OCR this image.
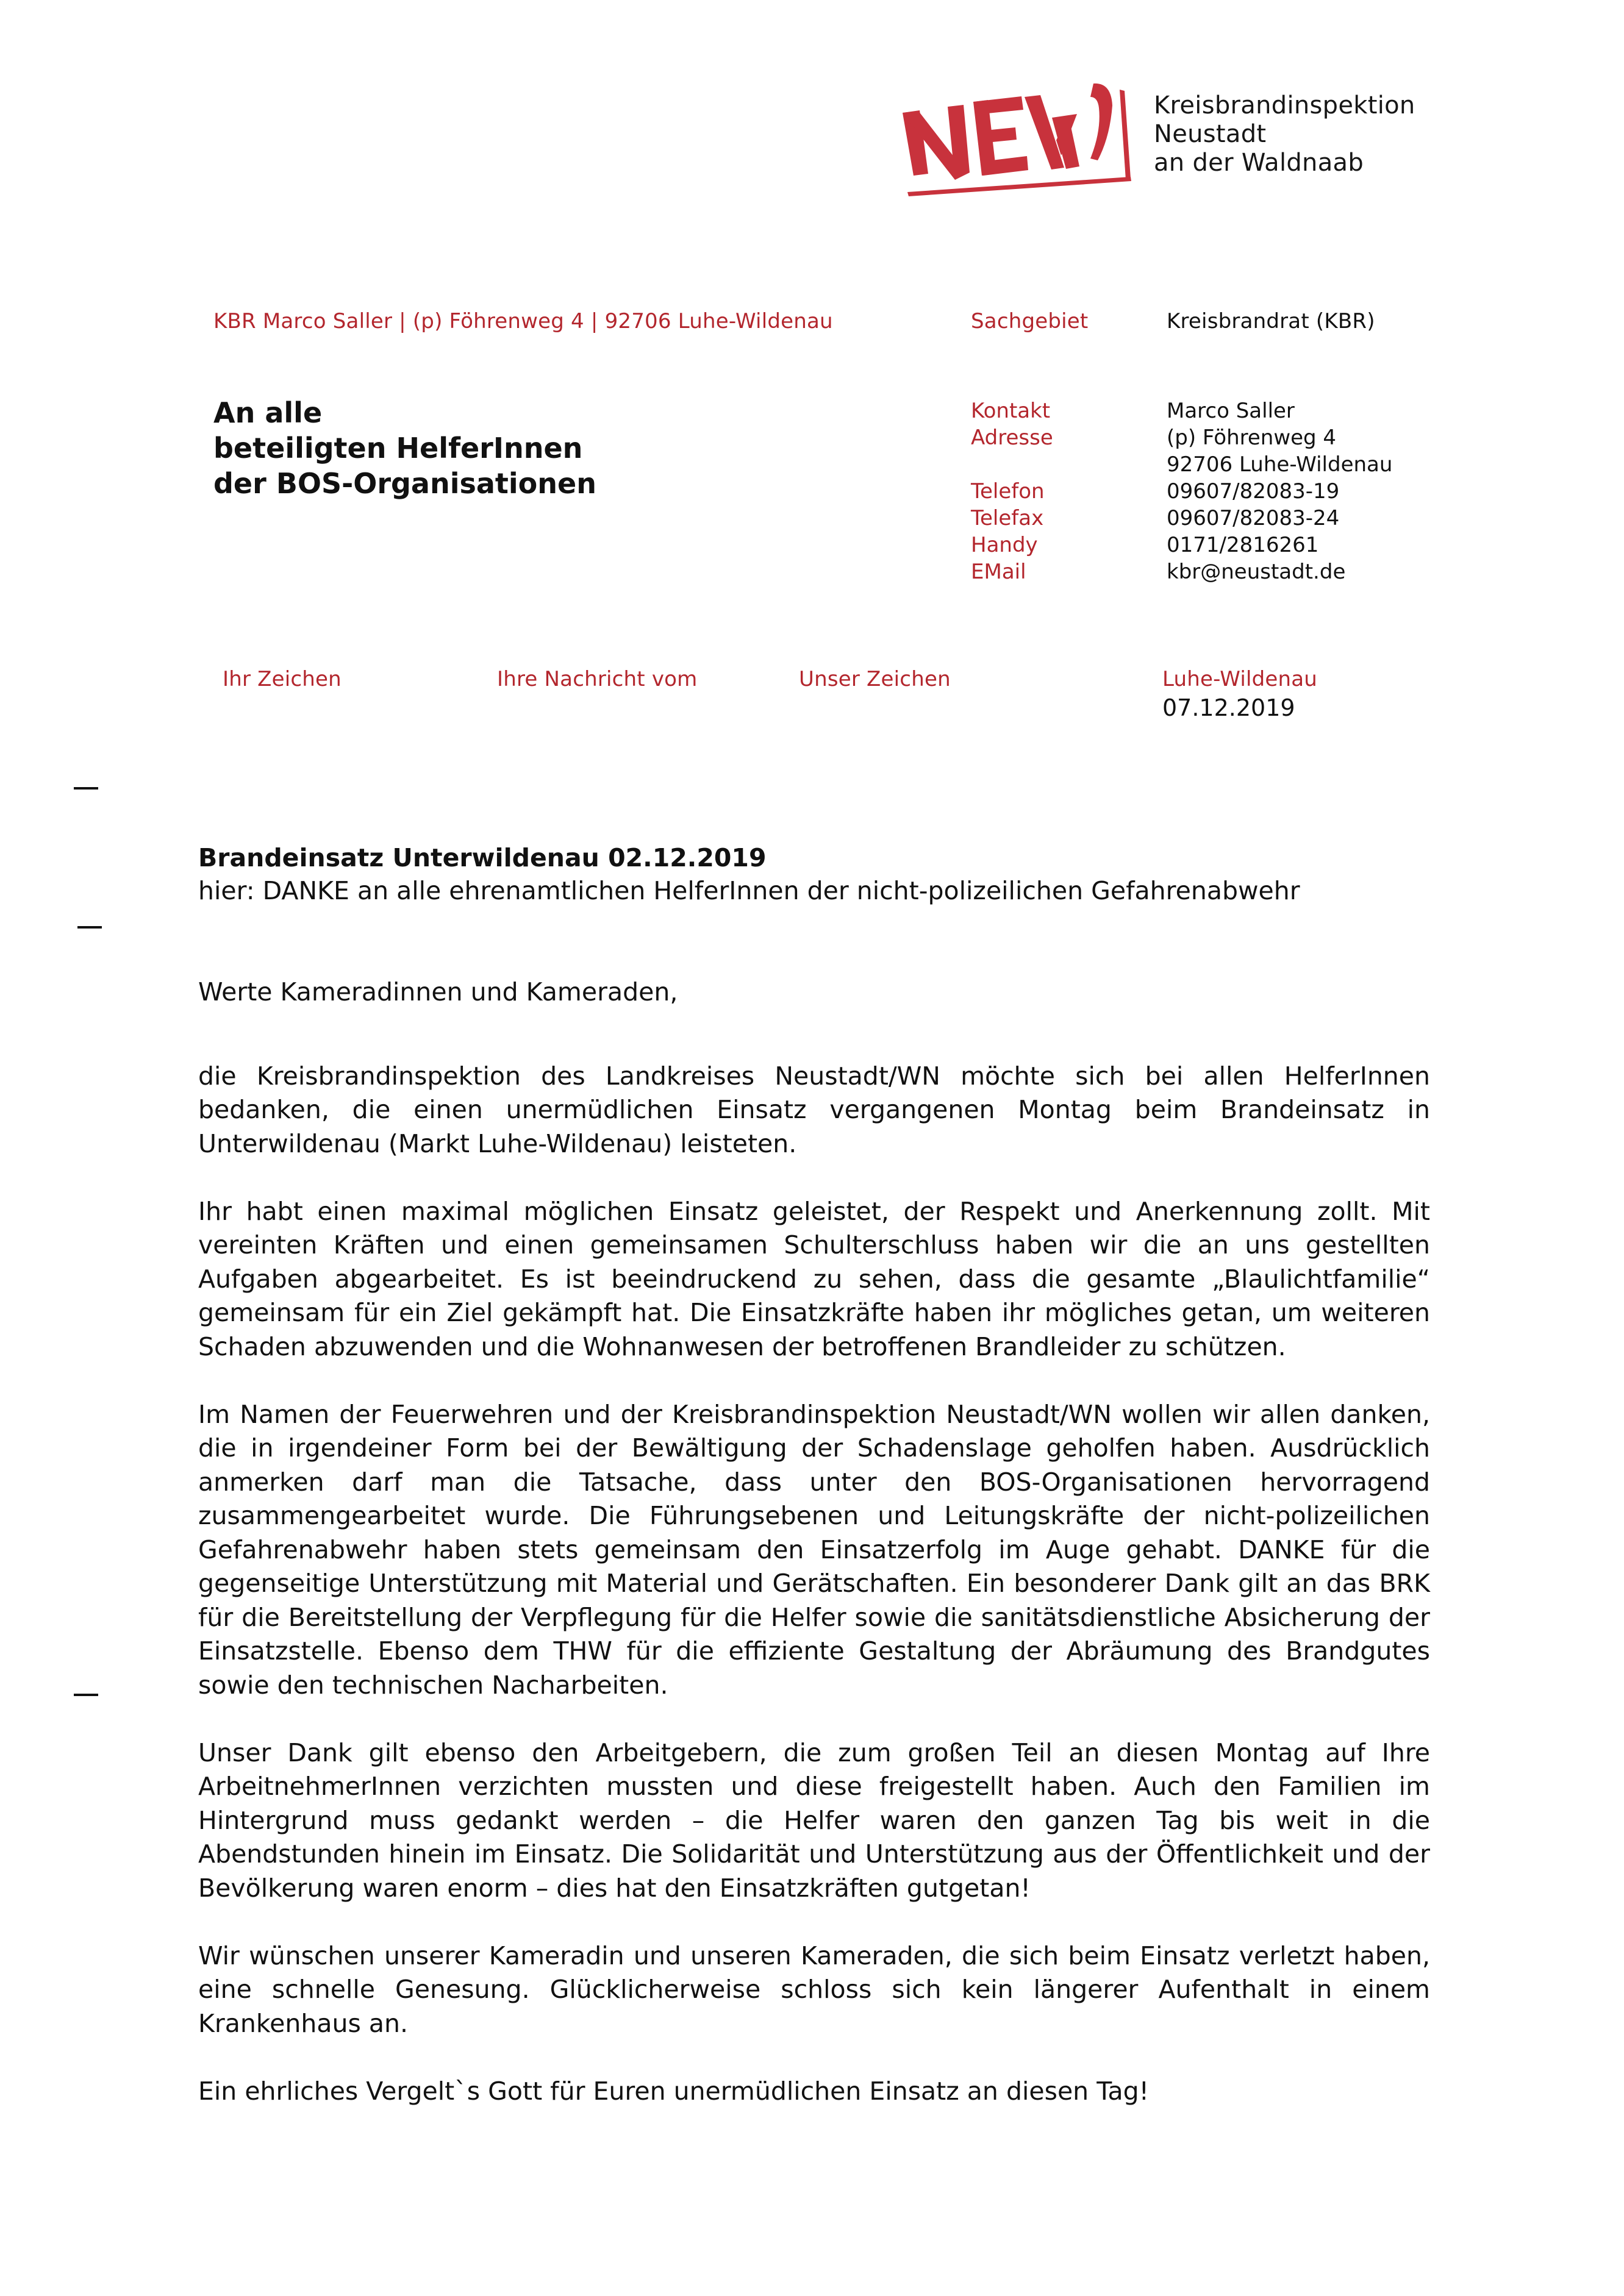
Kreisbrandinspektion
Neustadt
an der Waldnaab
KBR Marco Saller | (p) Föhrenweg 4 | 92706 Luhe-Wildenau	Sachgebiet	Kreisbrandrat (KBR)
An alle
beteiligten HelferInnen
der BOS-Organisationen
Kontakt	Marco Saller
Adresse	(p) Föhrenweg 4
92706 Luhe-Wildenau
Telefon	09607/82083-19
Telefax	09607/82083-24
Handy	0171/2816261
EMail	kbr@neustadt.de
Ihr Zeichen	Ihre Nachricht vom	Unser Zeichen	Luhe-Wildenau
07.12.2019
Brandeinsatz Unterwildenau 02.12.2019
hier: DANKE an alle ehrenamtlichen HelferInnen der nicht-polizeilichen Gefahrenabwehr

Werte Kameradinnen und Kameraden,

die Kreisbrandinspektion des Landkreises Neustadt/WN möchte sich bei allen HelferInnen bedanken, die einen unermüdlichen Einsatz vergangenen Montag beim Brandeinsatz in Unterwildenau (Markt Luhe-Wildenau) leisteten.

Ihr habt einen maximal möglichen Einsatz geleistet, der Respekt und Anerkennung zollt. Mit vereinten Kräften und einen gemeinsamen Schulterschluss haben wir die an uns gestellten Aufgaben abgearbeitet. Es ist beeindruckend zu sehen, dass die gesamte „Blaulichtfamilie“ gemeinsam für ein Ziel gekämpft hat. Die Einsatzkräfte haben ihr mögliches getan, um weiteren Schaden abzuwenden und die Wohnanwesen der betroffenen Brandleider zu schützen.

Im Namen der Feuerwehren und der Kreisbrandinspektion Neustadt/WN wollen wir allen danken, die in irgendeiner Form bei der Bewältigung der Schadenslage geholfen haben. Ausdrücklich anmerken darf man die Tatsache, dass unter den BOS-Organisationen hervorragend zusammengearbeitet wurde. Die Führungsebenen und Leitungskräfte der nicht-polizeilichen Gefahrenabwehr haben stets gemeinsam den Einsatzerfolg im Auge gehabt. DANKE für die gegenseitige Unterstützung mit Material und Gerätschaften. Ein besonderer Dank gilt an das BRK für die Bereitstellung der Verpflegung für die Helfer sowie die sanitätsdienstliche Absicherung der Einsatzstelle. Ebenso dem THW für die effiziente Gestaltung der Abräumung des Brandgutes sowie den technischen Nacharbeiten.

Unser Dank gilt ebenso den Arbeitgebern, die zum großen Teil an diesen Montag auf Ihre ArbeitnehmerInnen verzichten mussten und diese freigestellt haben. Auch den Familien im Hintergrund muss gedankt werden – die Helfer waren den ganzen Tag bis weit in die Abendstunden hinein im Einsatz. Die Solidarität und Unterstützung aus der Öffentlichkeit und der Bevölkerung waren enorm – dies hat den Einsatzkräften gutgetan!

Wir wünschen unserer Kameradin und unseren Kameraden, die sich beim Einsatz verletzt haben, eine schnelle Genesung. Glücklicherweise schloss sich kein längerer Aufenthalt in einem Krankenhaus an.

Ein ehrliches Vergelt`s Gott für Euren unermüdlichen Einsatz an diesen Tag!
